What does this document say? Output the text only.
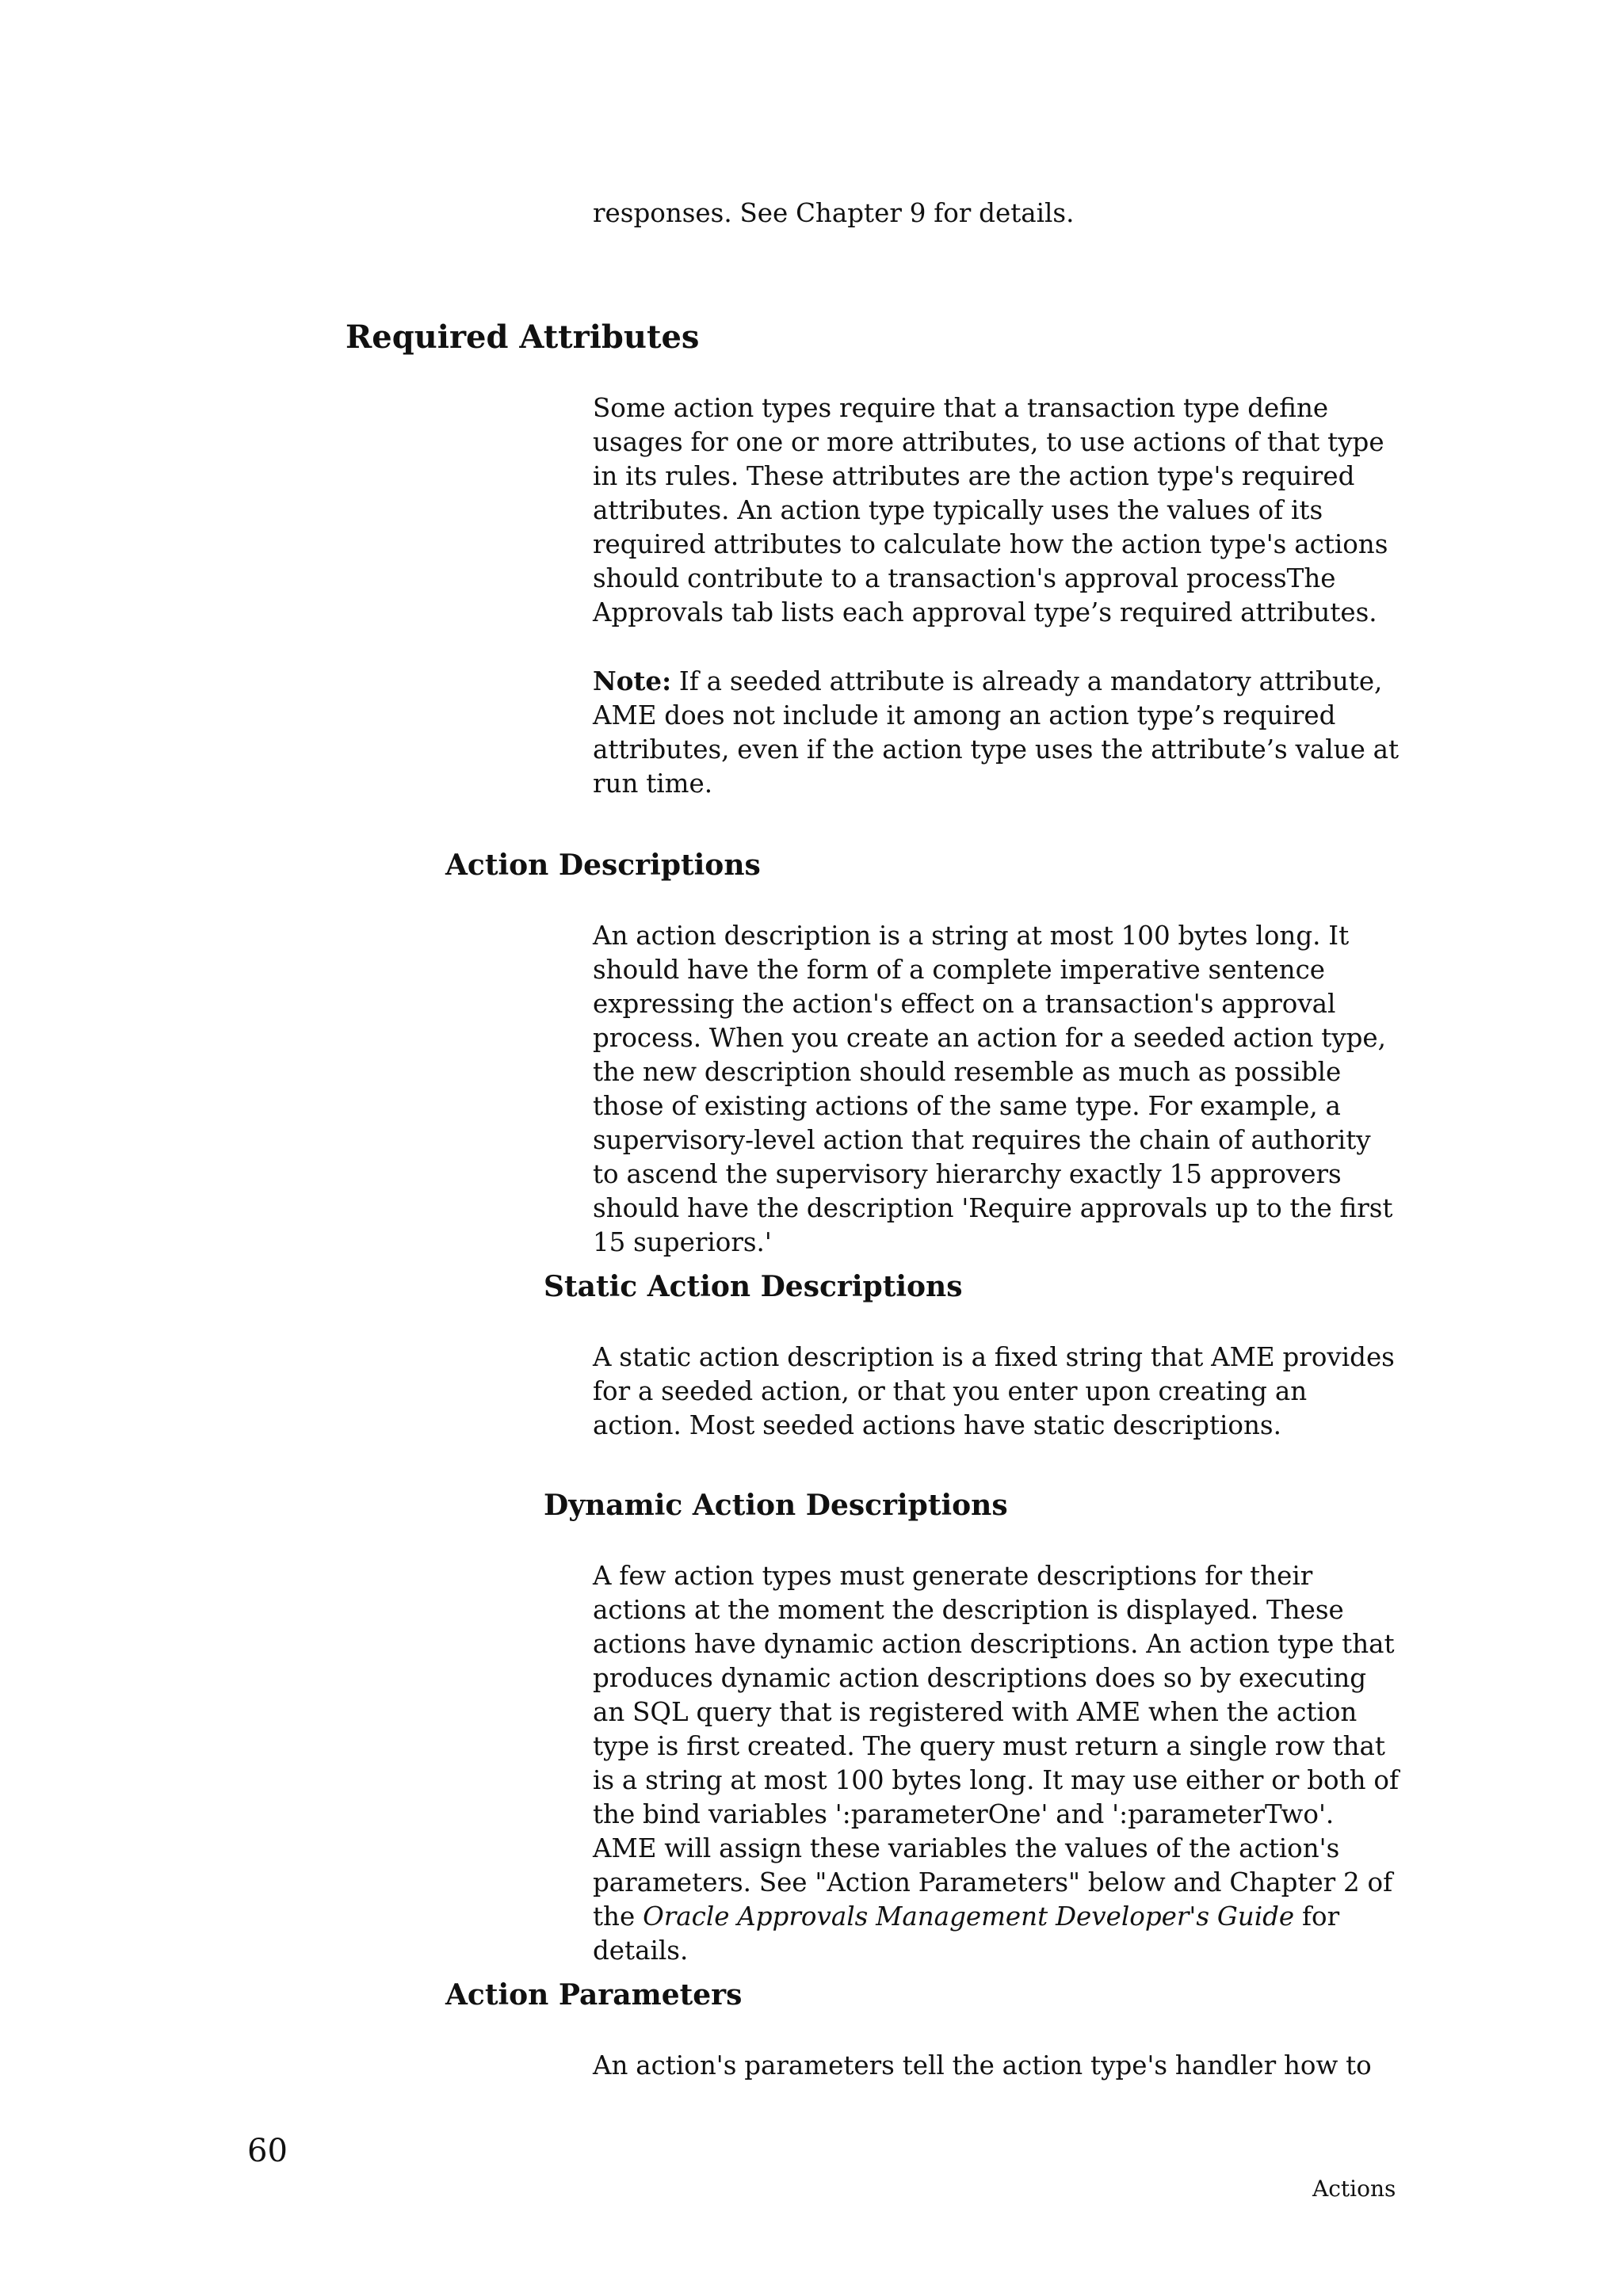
responses. See Chapter 9 for details.

Required Attributes

Some action types require that a transaction type define usages for one or more attributes, to use actions of that type in its rules. These attributes are the action type's required attributes. An action type typically uses the values of its required attributes to calculate how the action type's actions should contribute to a transaction's approval processThe Approvals tab lists each approval type’s required attributes.

Note: If a seeded attribute is already a mandatory attribute, AME does not include it among an action type’s required attributes, even if the action type uses the attribute’s value at run time.

Action Descriptions

An action description is a string at most 100 bytes long. It should have the form of a complete imperative sentence expressing the action's effect on a transaction's approval process. When you create an action for a seeded action type, the new description should resemble as much as possible those of existing actions of the same type. For example, a supervisory-level action that requires the chain of authority to ascend the supervisory hierarchy exactly 15 approvers should have the description 'Require approvals up to the first 15 superiors.'

Static Action Descriptions

A static action description is a fixed string that AME provides for a seeded action, or that you enter upon creating an action. Most seeded actions have static descriptions.

Dynamic Action Descriptions

A few action types must generate descriptions for their actions at the moment the description is displayed. These actions have dynamic action descriptions. An action type that produces dynamic action descriptions does so by executing an SQL query that is registered with AME when the action type is first created. The query must return a single row that is a string at most 100 bytes long. It may use either or both of the bind variables ':parameterOne' and ':parameterTwo'. AME will assign these variables the values of the action's parameters. See "Action Parameters" below and Chapter 2 of the Oracle Approvals Management Developer's Guide for details.

Action Parameters

An action's parameters tell the action type's handler how to

60

Actions
